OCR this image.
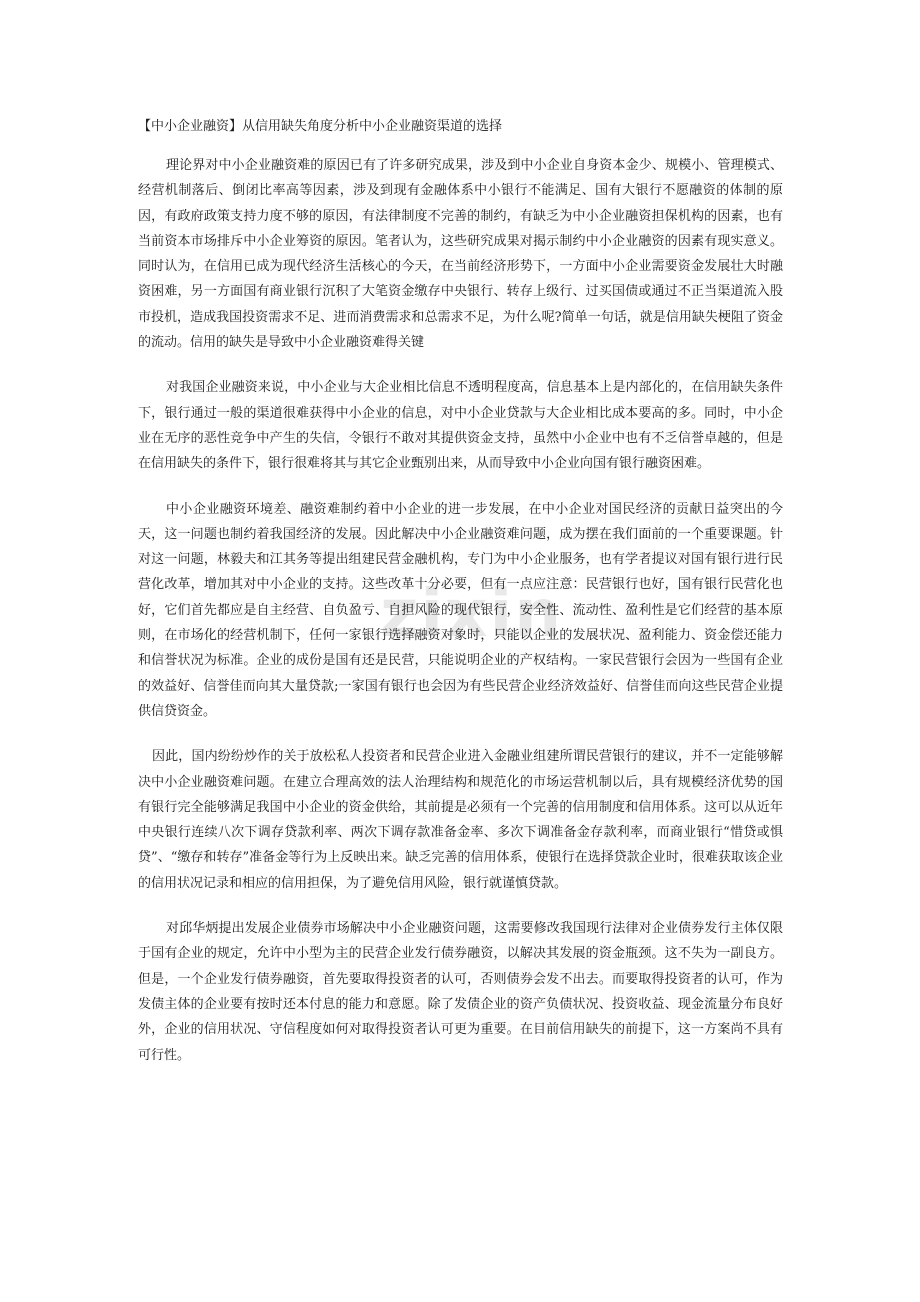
zixin
【中小企业融资】从信用缺失角度分析中小企业融资渠道的选择

理论界对中小企业融资难的原因已有了许多研究成果，涉及到中小企业自身资本金少、规模小、管理模式、经营机制落后、倒闭比率高等因素，涉及到现有金融体系中小银行不能满足、国有大银行不愿融资的体制的原因，有政府政策支持力度不够的原因，有法律制度不完善的制约，有缺乏为中小企业融资担保机构的因素，也有当前资本市场排斥中小企业筹资的原因。笔者认为，这些研究成果对揭示制约中小企业融资的因素有现实意义。同时认为，在信用已成为现代经济生活核心的今天，在当前经济形势下，一方面中小企业需要资金发展壮大时融资困难，另一方面国有商业银行沉积了大笔资金缴存中央银行、转存上级行、过买国债或通过不正当渠道流入股市投机，造成我国投资需求不足、进而消费需求和总需求不足，为什么呢?简单一句话，就是信用缺失梗阻了资金的流动。信用的缺失是导致中小企业融资难得关键

对我国企业融资来说，中小企业与大企业相比信息不透明程度高，信息基本上是内部化的，在信用缺失条件下，银行通过一般的渠道很难获得中小企业的信息，对中小企业贷款与大企业相比成本要高的多。同时，中小企业在无序的恶性竞争中产生的失信，令银行不敢对其提供资金支持，虽然中小企业中也有不乏信誉卓越的，但是在信用缺失的条件下，银行很难将其与其它企业甄别出来，从而导致中小企业向国有银行融资困难。

中小企业融资环境差、融资难制约着中小企业的进一步发展，在中小企业对国民经济的贡献日益突出的今天，这一问题也制约着我国经济的发展。因此解决中小企业融资难问题，成为摆在我们面前的一个重要课题。针对这一问题，林毅夫和江其务等提出组建民营金融机构，专门为中小企业服务，也有学者提议对国有银行进行民营化改革，增加其对中小企业的支持。这些改革十分必要，但有一点应注意：民营银行也好，国有银行民营化也好，它们首先都应是自主经营、自负盈亏、自担风险的现代银行，安全性、流动性、盈利性是它们经营的基本原则，在市场化的经营机制下，任何一家银行选择融资对象时，只能以企业的发展状况、盈利能力、资金偿还能力和信誉状况为标准。企业的成份是国有还是民营，只能说明企业的产权结构。一家民营银行会因为一些国有企业的效益好、信誉佳而向其大量贷款;一家国有银行也会因为有些民营企业经济效益好、信誉佳而向这些民营企业提供信贷资金。

因此，国内纷纷炒作的关于放松私人投资者和民营企业进入金融业组建所谓民营银行的建议，并不一定能够解决中小企业融资难问题。在建立合理高效的法人治理结构和规范化的市场运营机制以后，具有规模经济优势的国有银行完全能够满足我国中小企业的资金供给，其前提是必须有一个完善的信用制度和信用体系。这可以从近年中央银行连续八次下调存贷款利率、两次下调存款准备金率、多次下调准备金存款利率，而商业银行“惜贷或惧贷”、“缴存和转存”准备金等行为上反映出来。缺乏完善的信用体系，使银行在选择贷款企业时，很难获取该企业的信用状况记录和相应的信用担保，为了避免信用风险，银行就谨慎贷款。

对邱华炳提出发展企业债券市场解决中小企业融资问题，这需要修改我国现行法律对企业债券发行主体仅限于国有企业的规定，允许中小型为主的民营企业发行债券融资，以解决其发展的资金瓶颈。这不失为一副良方。但是，一个企业发行债券融资，首先要取得投资者的认可，否则债券会发不出去。而要取得投资者的认可，作为发债主体的企业要有按时还本付息的能力和意愿。除了发债企业的资产负债状况、投资收益、现金流量分布良好外，企业的信用状况、守信程度如何对取得投资者认可更为重要。在目前信用缺失的前提下，这一方案尚不具有可行性。
